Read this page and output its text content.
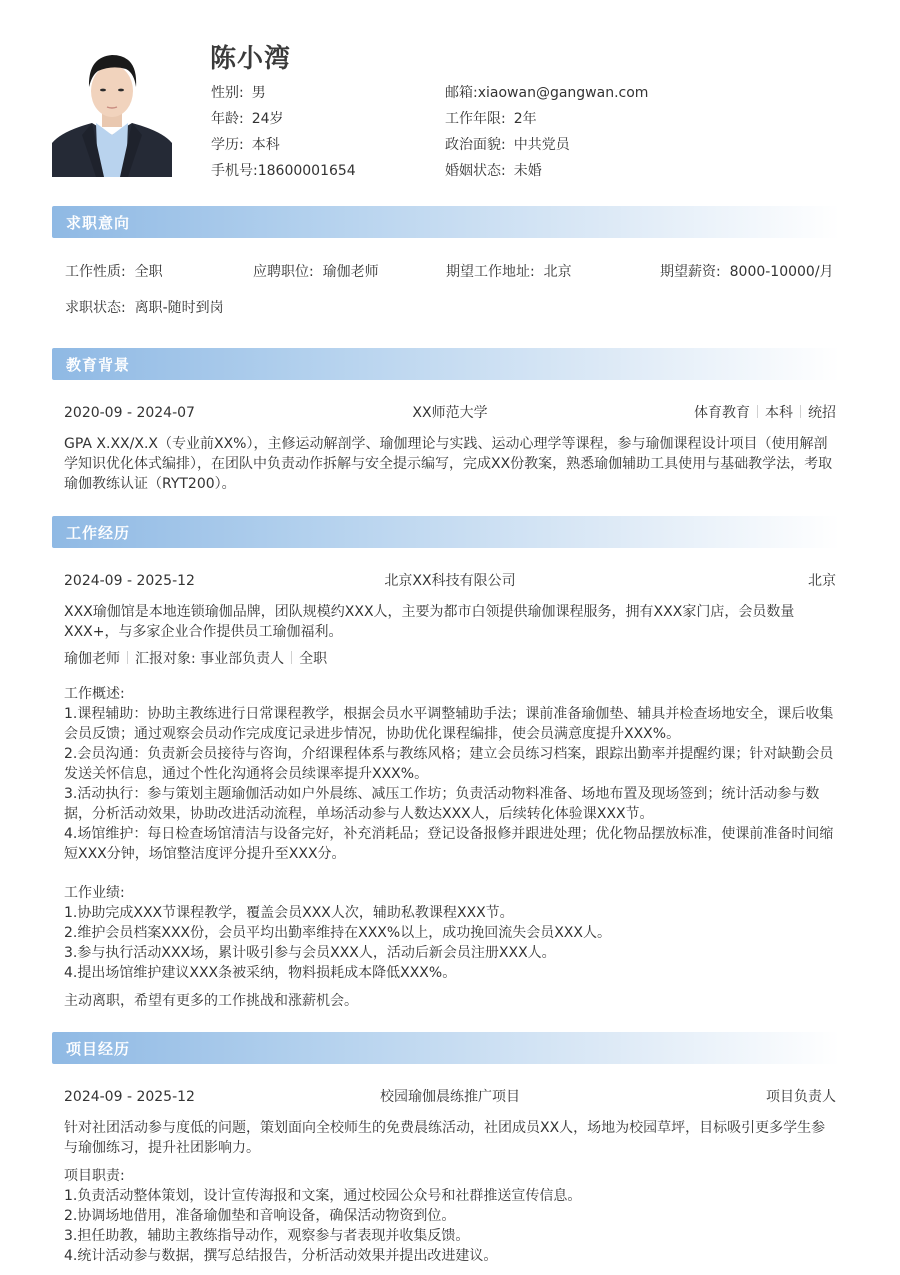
陈小湾
性别: 男
年龄: 24岁
学历: 本科
手机号:18600001654
邮箱:xiaowan@gangwan.com
工作年限: 2年
政治面貌: 中共党员
婚姻状态: 未婚
求职意向
工作性质: 全职	应聘职位: 瑜伽老师	期望工作地址: 北京	期望薪资: 8000-10000/月
求职状态: 离职-随时到岗
教育背景
2020-09 - 2024-07	XX师范大学	体育教育 本科 统招
GPA X.XX/X.X（专业前XX%），主修运动解剖学、瑜伽理论与实践、运动心理学等课程，参与瑜伽课程设计项目（使用解剖学知识优化体式编排），在团队中负责动作拆解与安全提示编写，完成XX份教案，熟悉瑜伽辅助工具使用与基础教学法，考取瑜伽教练认证（RYT200）。
工作经历
2024-09 - 2025-12	北京XX科技有限公司	北京
XXX瑜伽馆是本地连锁瑜伽品牌，团队规模约XXX人，主要为都市白领提供瑜伽课程服务，拥有XXX家门店，会员数量XXX+，与多家企业合作提供员工瑜伽福利。
瑜伽老师 汇报对象: 事业部负责人 全职
工作概述:
1.课程辅助：协助主教练进行日常课程教学，根据会员水平调整辅助手法；课前准备瑜伽垫、辅具并检查场地安全，课后收集会员反馈；通过观察会员动作完成度记录进步情况，协助优化课程编排，使会员满意度提升XXX%。
2.会员沟通：负责新会员接待与咨询，介绍课程体系与教练风格；建立会员练习档案，跟踪出勤率并提醒约课；针对缺勤会员发送关怀信息，通过个性化沟通将会员续课率提升XXX%。
3.活动执行：参与策划主题瑜伽活动如户外晨练、减压工作坊；负责活动物料准备、场地布置及现场签到；统计活动参与数据，分析活动效果，协助改进活动流程，单场活动参与人数达XXX人，后续转化体验课XXX节。
4.场馆维护：每日检查场馆清洁与设备完好，补充消耗品；登记设备报修并跟进处理；优化物品摆放标准，使课前准备时间缩短XXX分钟，场馆整洁度评分提升至XXX分。
工作业绩:
1.协助完成XXX节课程教学，覆盖会员XXX人次，辅助私教课程XXX节。
2.维护会员档案XXX份，会员平均出勤率维持在XXX%以上，成功挽回流失会员XXX人。
3.参与执行活动XXX场，累计吸引参与会员XXX人，活动后新会员注册XXX人。
4.提出场馆维护建议XXX条被采纳，物料损耗成本降低XXX%。
主动离职，希望有更多的工作挑战和涨薪机会。
项目经历
2024-09 - 2025-12	校园瑜伽晨练推广项目	项目负责人
针对社团活动参与度低的问题，策划面向全校师生的免费晨练活动，社团成员XX人，场地为校园草坪，目标吸引更多学生参与瑜伽练习，提升社团影响力。
项目职责:
1.负责活动整体策划，设计宣传海报和文案，通过校园公众号和社群推送宣传信息。
2.协调场地借用，准备瑜伽垫和音响设备，确保活动物资到位。
3.担任助教，辅助主教练指导动作，观察参与者表现并收集反馈。
4.统计活动参与数据，撰写总结报告，分析活动效果并提出改进建议。
